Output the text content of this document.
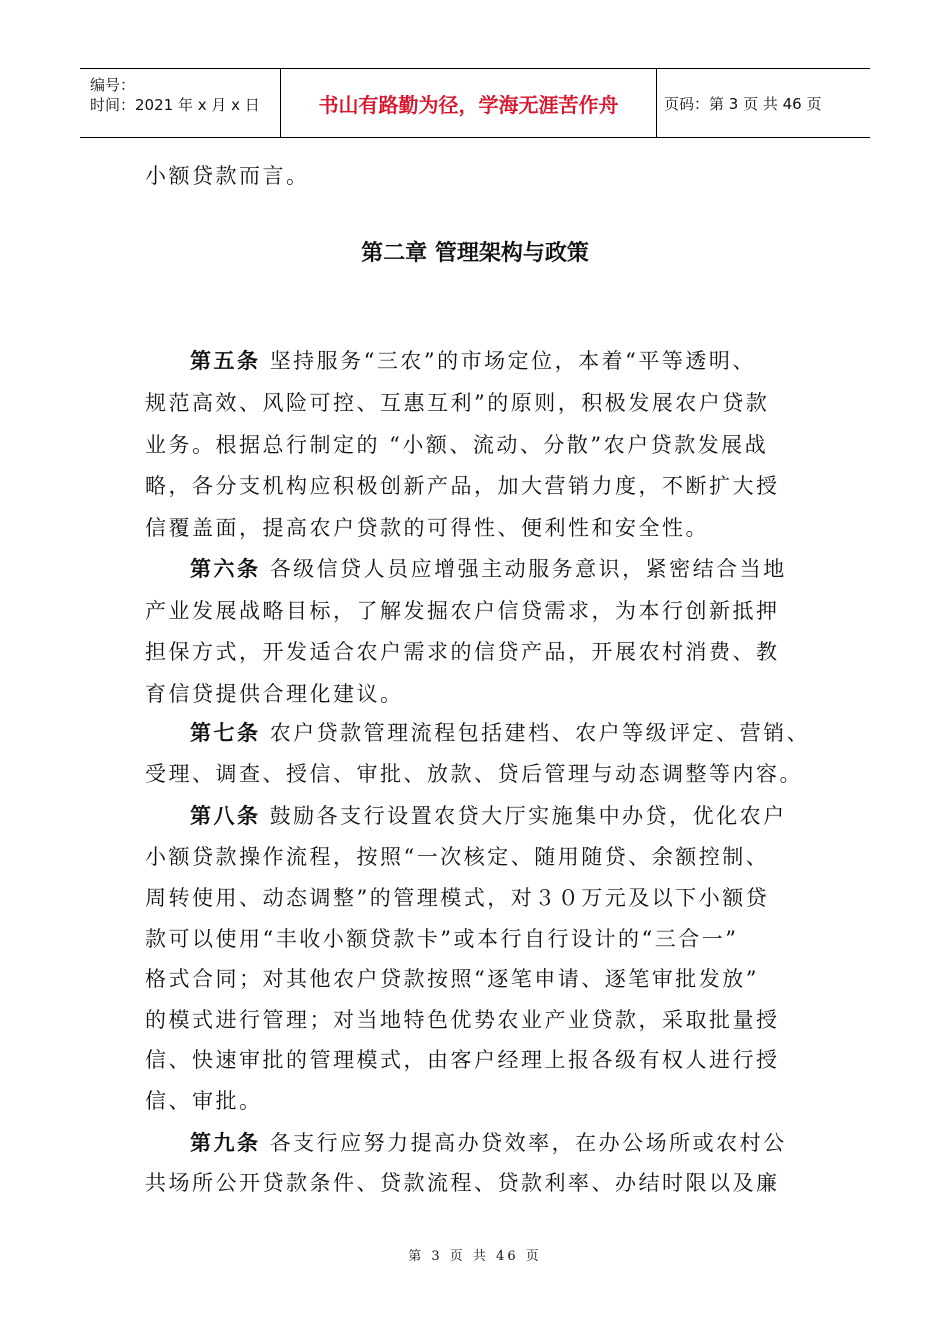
编号：
时间：2021 年 x 月 x 日	书山有路勤为径，学海无涯苦作舟	页码：第 3 页 共 46 页
小额贷款而言。
第二章 管理架构与政策
第五条 坚持服务“三农”的市场定位，本着“平等透明、
规范高效、风险可控、互惠互利”的原则，积极发展农户贷款
业务。根据总行制定的 “小额、流动、分散”农户贷款发展战
略，各分支机构应积极创新产品，加大营销力度，不断扩大授
信覆盖面，提高农户贷款的可得性、便利性和安全性。
第六条 各级信贷人员应增强主动服务意识，紧密结合当地
产业发展战略目标，了解发掘农户信贷需求，为本行创新抵押
担保方式，开发适合农户需求的信贷产品，开展农村消费、教
育信贷提供合理化建议。
第七条 农户贷款管理流程包括建档、农户等级评定、营销、
受理、调查、授信、审批、放款、贷后管理与动态调整等内容。
第八条 鼓励各支行设置农贷大厅实施集中办贷，优化农户
小额贷款操作流程，按照“一次核定、随用随贷、余额控制、
周转使用、动态调整”的管理模式，对３０万元及以下小额贷
款可以使用“丰收小额贷款卡”或本行自行设计的“三合一”
格式合同；对其他农户贷款按照“逐笔申请、逐笔审批发放”
的模式进行管理；对当地特色优势农业产业贷款，采取批量授
信、快速审批的管理模式，由客户经理上报各级有权人进行授
信、审批。
第九条 各支行应努力提高办贷效率，在办公场所或农村公
共场所公开贷款条件、贷款流程、贷款利率、办结时限以及廉
第 3 页 共 46 页
